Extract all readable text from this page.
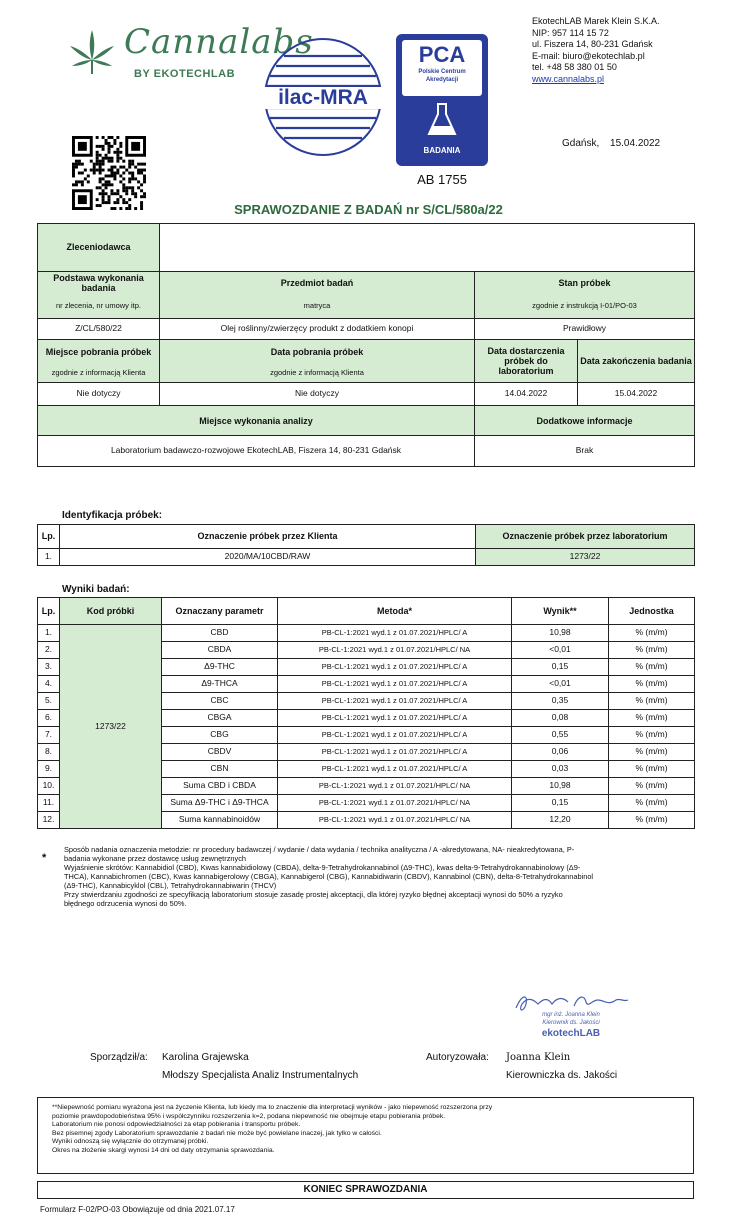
Cannalabs
BY EKOTECHLAB
ilac-MRA
PCA
Polskie Centrum
Akredytacji
BADANIA
AB 1755
EkotechLAB Marek Klein S.K.A.
NIP: 957 114 15 72
ul. Fiszera 14, 80-231 Gdańsk
E-mail: biuro@ekotechlab.pl
tel. +48 58 380 01 50
www.cannalabs.pl
Gdańsk, 15.04.2022
SPRAWOZDANIE Z BADAŃ nr S/CL/580a/22
Zleceniodawca			
Podstawa wykonania badania	Przedmiot badań	Stan próbek	
nr zlecenia, nr umowy itp.	matryca	zgodnie z instrukcją I-01/PO-03	
Z/CL/580/22	Olej roślinny/zwierzęcy produkt z dodatkiem konopi	Prawidłowy	
Miejsce pobrania próbek	Data pobrania próbek	Data dostarczenia próbek do laboratorium	Data zakończenia badania
zgodnie z informacją Klienta	zgodnie z informacją Klienta		
Nie dotyczy	Nie dotyczy	14.04.2022	15.04.2022
Miejsce wykonania analizy		Dodatkowe informacje	
Laboratorium badawczo-rozwojowe EkotechLAB, Fiszera 14, 80-231 Gdańsk		Brak	
Identyfikacja próbek:
Lp.	Oznaczenie próbek przez Klienta	Oznaczenie próbek przez laboratorium
1.	2020/MA/10CBD/RAW	1273/22
Wyniki badań:
Lp.	Kod próbki	Oznaczany parametr	Metoda*	Wynik**	Jednostka
1.	1273/22	CBD	PB-CL-1:2021 wyd.1 z 01.07.2021/HPLC/ A	10,98	% (m/m)
2.		CBDA	PB-CL-1:2021 wyd.1 z 01.07.2021/HPLC/ NA	<0,01	% (m/m)
3.		Δ9-THC	PB-CL-1:2021 wyd.1 z 01.07.2021/HPLC/ A	0,15	% (m/m)
4.		Δ9-THCA	PB-CL-1:2021 wyd.1 z 01.07.2021/HPLC/ A	<0,01	% (m/m)
5.		CBC	PB-CL-1:2021 wyd.1 z 01.07.2021/HPLC/ A	0,35	% (m/m)
6.		CBGA	PB-CL-1:2021 wyd.1 z 01.07.2021/HPLC/ A	0,08	% (m/m)
7.		CBG	PB-CL-1:2021 wyd.1 z 01.07.2021/HPLC/ A	0,55	% (m/m)
8.		CBDV	PB-CL-1:2021 wyd.1 z 01.07.2021/HPLC/ A	0,06	% (m/m)
9.		CBN	PB-CL-1:2021 wyd.1 z 01.07.2021/HPLC/ A	0,03	% (m/m)
10.		Suma CBD i CBDA	PB-CL-1:2021 wyd.1 z 01.07.2021/HPLC/ NA	10,98	% (m/m)
11.		Suma Δ9-THC i Δ9-THCA	PB-CL-1:2021 wyd.1 z 01.07.2021/HPLC/ NA	0,15	% (m/m)
12.		Suma kannabinoidów	PB-CL-1:2021 wyd.1 z 01.07.2021/HPLC/ NA	12,20	% (m/m)
*
Sposób nadania oznaczenia metodzie: nr procedury badawczej / wydanie / data wydania / technika analityczna / A -akredytowana, NA- nieakredytowana, P-
badania wykonane przez dostawcę usług zewnętrznych
Wyjaśnienie skrótów: Kannabidiol (CBD), Kwas kannabidiolowy (CBDA), delta-9-Tetrahydrokannabinol (Δ9-THC), kwas delta-9-Tetrahydrokannabinolowy (Δ9-
THCA), Kannabichromen (CBC), Kwas kannabigerolowy (CBGA), Kannabigerol (CBG), Kannabidiwarin (CBDV), Kannabinol (CBN), delta-8-Tetrahydrokannabinol
(Δ9-THC), Kannabicyklol (CBL), Tetrahydrokannabiwarin (THCV)
Przy stwierdzaniu zgodności ze specyfikacją laboratorium stosuje zasadę prostej akceptacji, dla której ryzyko błędnej akceptacji wynosi do 50% a ryzyko
błędnego odrzucenia wynosi do 50%.
mgr inż. Joanna Klein
Kierownik ds. Jakości
ekotechLAB
Sporządził/a: Karolina Grajewska
Młodszy Specjalista Analiz Instrumentalnych
Autoryzowała: Joanna Klein
Kierowniczka ds. Jakości
**Niepewność pomiaru wyrażona jest na życzenie Klienta, lub kiedy ma to znaczenie dla interpretacji wyników - jako niepewność rozszerzona przy
poziomie prawdopodobieństwa 95% i współczynniku rozszerzenia k=2, podana niepewność nie obejmuje etapu pobierania próbek.
Laboratorium nie ponosi odpowiedzialności za etap pobierania i transportu próbek.
Bez pisemnej zgody Laboratorium sprawozdanie z badań nie może być powielane inaczej, jak tylko w całości.
Wyniki odnoszą się wyłącznie do otrzymanej próbki.
Okres na złożenie skargi wynosi 14 dni od daty otrzymania sprawozdania.
KONIEC SPRAWOZDANIA
Formularz F-02/PO-03 Obowiązuje od dnia 2021.07.17
